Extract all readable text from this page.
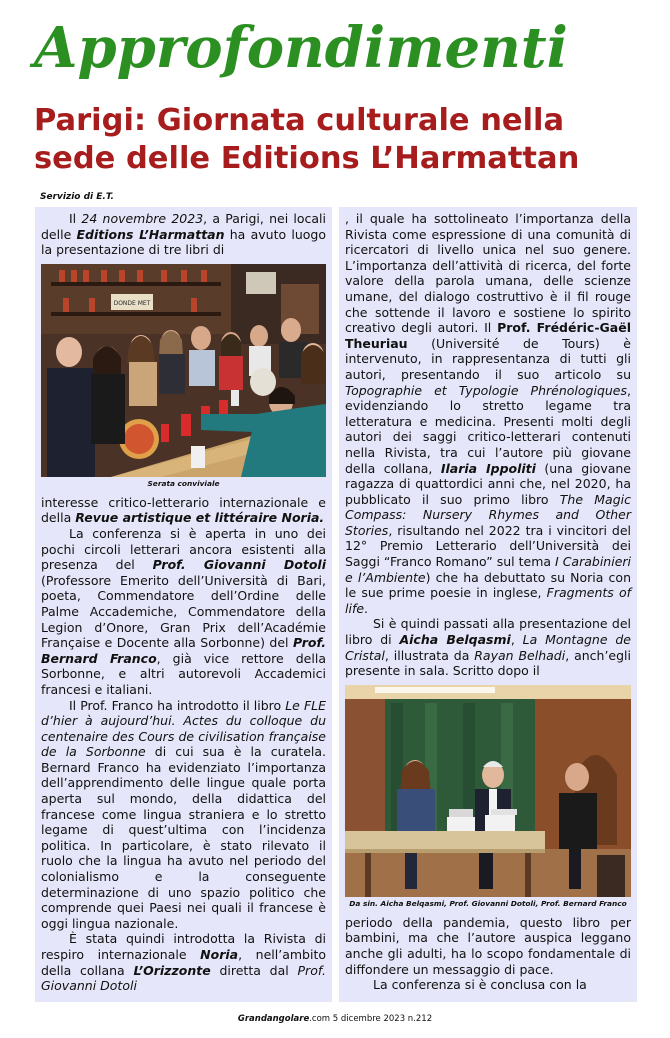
Approfondimenti
Parigi: Giornata culturale nella sede delle Editions L’Harmattan
Servizio di E.T.

Il 24 novembre 2023, a Parigi, nei locali delle Editions L’Harmattan ha avuto luogo la presentazione di tre libri di

DONDE MET
Serata conviviale

interesse critico-letterario internazionale e della Revue artistique et littéraire Noria.

La conferenza si è aperta in uno dei pochi circoli letterari ancora esistenti alla presenza del Prof. Giovanni Dotoli (Professore Emerito dell’Università di Bari, poeta, Commendatore dell’Ordine delle Palme Accademiche, Commendatore della Legion d’Onore, Gran Prix dell’Académie Française e Docente alla Sorbonne) del Prof. Bernard Franco, già vice rettore della Sorbonne, e altri autorevoli Accademici francesi e italiani.

Il Prof. Franco ha introdotto il libro Le FLE d’hier à aujourd’hui. Actes du colloque du centenaire des Cours de civilisation française de la Sorbonne di cui sua è la curatela. Bernard Franco ha evidenziato l’importanza dell’apprendimento delle lingue quale porta aperta sul mondo, della didattica del francese come lingua straniera e lo stretto legame di quest’ultima con l’incidenza politica. In particolare, è stato rilevato il ruolo che la lingua ha avuto nel periodo del colonialismo e la conseguente determinazione di uno spazio politico che comprende quei Paesi nei quali il francese è oggi lingua nazionale.

È stata quindi introdotta la Rivista di respiro internazionale Noria, nell’ambito della collana L’Orizzonte diretta dal Prof. Giovanni Dotoli

, il quale ha sottolineato l’importanza della Rivista come espressione di una comunità di ricercatori di livello unica nel suo genere. L’importanza dell’attività di ricerca, del forte valore della parola umana, delle scienze umane, del dialogo costruttivo è il fil rouge che sottende il lavoro e sostiene lo spirito creativo degli autori. Il Prof. Frédéric-Gaël Theuriau (Université de Tours) è intervenuto, in rappresentanza di tutti gli autori, presentando il suo articolo su Topographie et Typologie Phrénologiques, evidenziando lo stretto legame tra letteratura e medicina. Presenti molti degli autori dei saggi critico-letterari contenuti nella Rivista, tra cui l’autore più giovane della collana, Ilaria Ippoliti (una giovane ragazza di quattordici anni che, nel 2020, ha pubblicato il suo primo libro The Magic Compass: Nursery Rhymes and Other Stories, risultando nel 2022 tra i vincitori del 12° Premio Letterario dell’Università dei Saggi “Franco Romano” sul tema I Carabinieri e l’Ambiente) che ha debuttato su Noria con le sue prime poesie in inglese, Fragments of life.

Si è quindi passati alla presentazione del libro di Aicha Belqasmi, La Montagne de Cristal, illustrata da Rayan Belhadi, anch’egli presente in sala. Scritto dopo il

Da sin. Aicha Belqasmi, Prof. Giovanni Dotoli, Prof. Bernard Franco

periodo della pandemia, questo libro per bambini, ma che l’autore auspica leggano anche gli adulti, ha lo scopo fondamentale di diffondere un messaggio di pace.

La conferenza si è conclusa con la

Grandangolare.com 5 dicembre 2023 n.212
